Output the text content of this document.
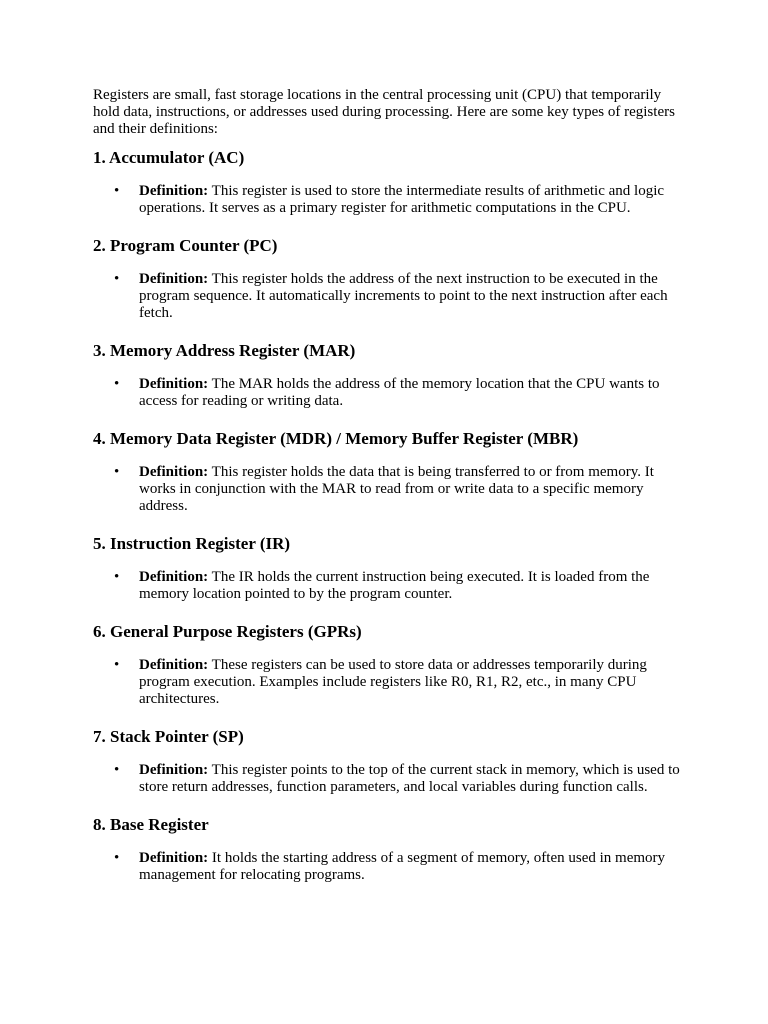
Registers are small, fast storage locations in the central processing unit (CPU) that temporarily hold data, instructions, or addresses used during processing. Here are some key types of registers and their definitions:

1. Accumulator (AC)
• Definition: This register is used to store the intermediate results of arithmetic and logic operations. It serves as a primary register for arithmetic computations in the CPU.
2. Program Counter (PC)
• Definition: This register holds the address of the next instruction to be executed in the program sequence. It automatically increments to point to the next instruction after each fetch.
3. Memory Address Register (MAR)
• Definition: The MAR holds the address of the memory location that the CPU wants to access for reading or writing data.
4. Memory Data Register (MDR) / Memory Buffer Register (MBR)
• Definition: This register holds the data that is being transferred to or from memory. It works in conjunction with the MAR to read from or write data to a specific memory address.
5. Instruction Register (IR)
• Definition: The IR holds the current instruction being executed. It is loaded from the memory location pointed to by the program counter.
6. General Purpose Registers (GPRs)
• Definition: These registers can be used to store data or addresses temporarily during program execution. Examples include registers like R0, R1, R2, etc., in many CPU architectures.
7. Stack Pointer (SP)
• Definition: This register points to the top of the current stack in memory, which is used to store return addresses, function parameters, and local variables during function calls.
8. Base Register
• Definition: It holds the starting address of a segment of memory, often used in memory management for relocating programs.
